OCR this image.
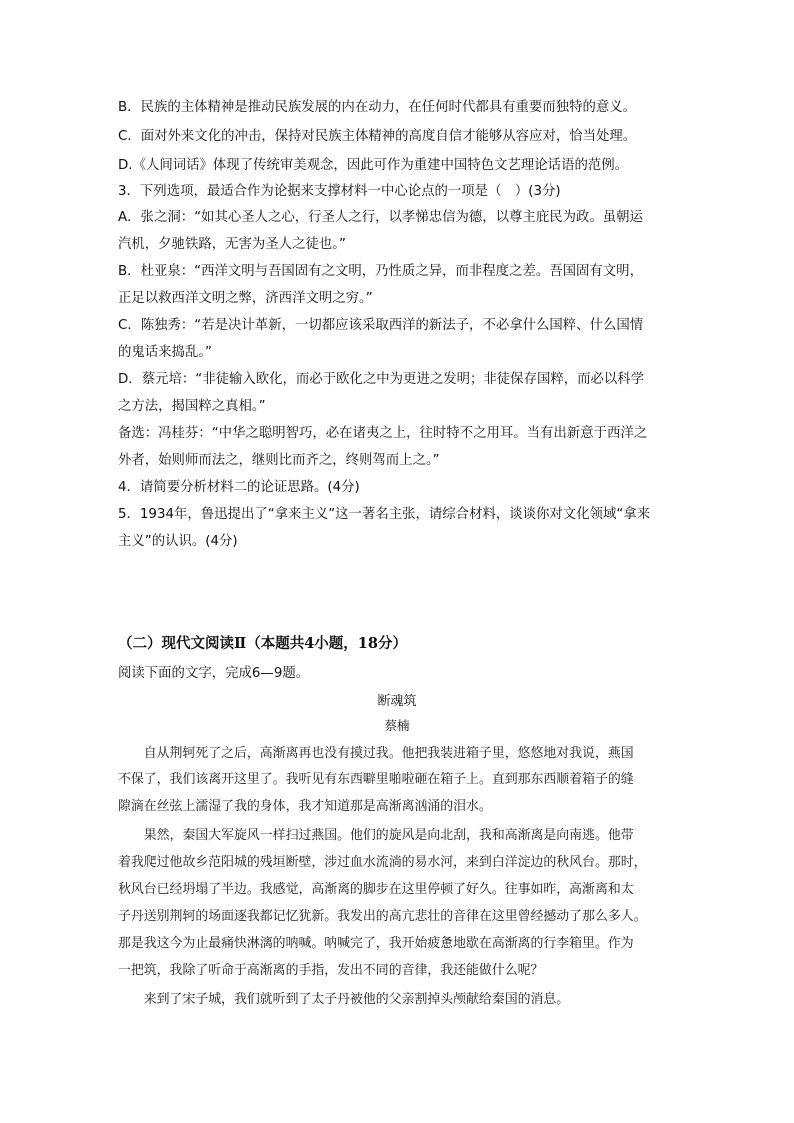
B．民族的主体精神是推动民族发展的内在动力，在任何时代都具有重要而独特的意义。
C．面对外来文化的冲击，保持对民族主体精神的高度自信才能够从容应对，恰当处理。
D.《人间词话》体现了传统审美观念，因此可作为重建中国特色文艺理论话语的范例。
3．下列选项，最适合作为论据来支撑材料一中心论点的一项是（　）(3分)
A．张之洞：“如其心圣人之心，行圣人之行，以孝悌忠信为德，以尊主庇民为政。虽朝运
汽机，夕驰铁路，无害为圣人之徒也。”
B．杜亚泉：“西洋文明与吾国固有之文明，乃性质之异，而非程度之差。吾国固有文明，
正足以救西洋文明之弊，济西洋文明之穷。”
C．陈独秀：“若是决计革新，一切都应该采取西洋的新法子，不必拿什么国粹、什么国情
的鬼话来捣乱。”
D．蔡元培：“非徒输入欧化，而必于欧化之中为更进之发明；非徒保存国粹，而必以科学
之方法，揭国粹之真相。”
备选：冯桂芬：“中华之聪明智巧，必在诸夷之上，往时特不之用耳。当有出新意于西洋之
外者，始则师而法之，继则比而齐之，终则驾而上之。”
4．请简要分析材料二的论证思路。(4分)
5．1934年，鲁迅提出了“拿来主义”这一著名主张，请综合材料，谈谈你对文化领域“拿来
主义”的认识。(4分)
（二）现代文阅读Ⅱ（本题共4小题，18分）
阅读下面的文字，完成6—9题。
断魂筑
蔡楠
　　自从荆轲死了之后，高渐离再也没有摸过我。他把我装进箱子里，悠悠地对我说，燕国
不保了，我们该离开这里了。我听见有东西噼里啪啦砸在箱子上。直到那东西顺着箱子的缝
隙滴在丝弦上濡湿了我的身体，我才知道那是高渐离汹涌的泪水。
　　果然，秦国大军旋风一样扫过燕国。他们的旋风是向北刮，我和高渐离是向南逃。他带
着我爬过他故乡范阳城的残垣断壁，涉过血水流淌的易水河，来到白洋淀边的秋风台。那时，
秋风台已经坍塌了半边。我感觉，高渐离的脚步在这里停顿了好久。往事如昨，高渐离和太
子丹送别荆轲的场面逐我都记忆犹新。我发出的高亢悲壮的音律在这里曾经撼动了那么多人。
那是我这今为止最痛快淋漓的呐喊。呐喊完了，我开始疲惫地歇在高渐离的行李箱里。作为
一把筑，我除了听命于高渐离的手指，发出不同的音律，我还能做什么呢？
　　来到了宋子城，我们就听到了太子丹被他的父亲割掉头颅献给秦国的消息。
